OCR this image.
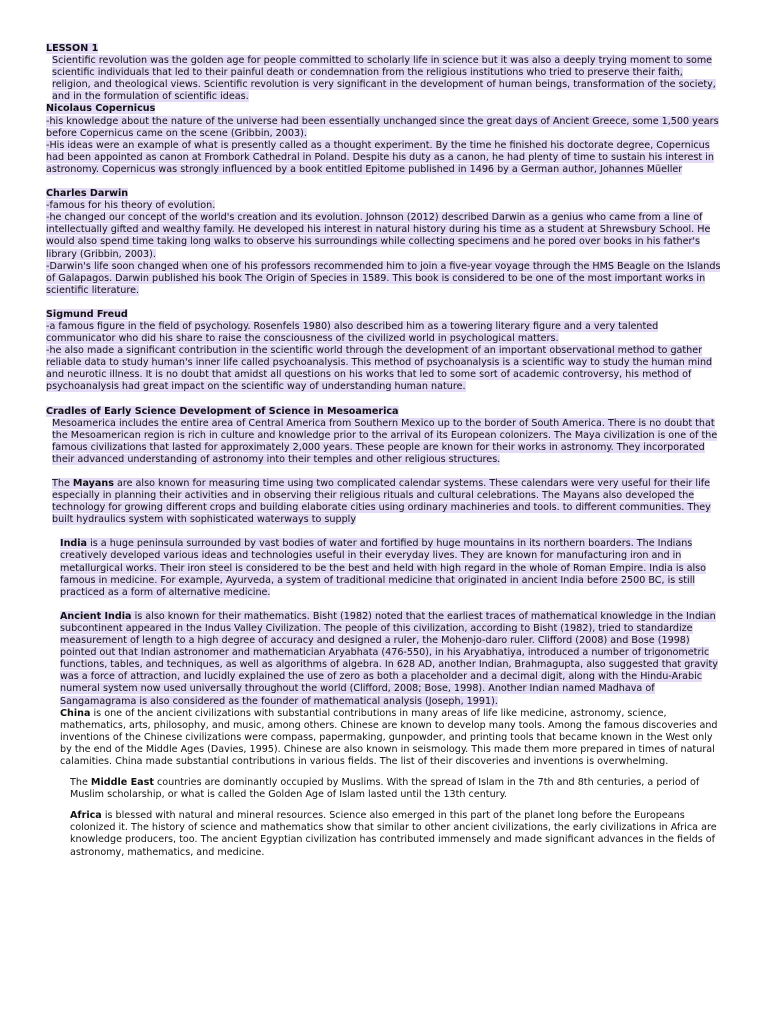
LESSON 1

Scientific revolution was the golden age for people committed to scholarly life in science but it was also a deeply trying moment to some scientific individuals that led to their painful death or condemnation from the religious institutions who tried to preserve their faith, religion, and theological views. Scientific revolution is very significant in the development of human beings, transformation of the society, and in the formulation of scientific ideas.

Nicolaus Copernicus

-his knowledge about the nature of the universe had been essentially unchanged since the great days of Ancient Greece, some 1,500 years before Copernicus came on the scene (Gribbin, 2003).

-His ideas were an example of what is presently called as a thought experiment. By the time he finished his doctorate degree, Copernicus had been appointed as canon at Frombork Cathedral in Poland. Despite his duty as a canon, he had plenty of time to sustain his interest in astronomy. Copernicus was strongly influenced by a book entitled Epitome published in 1496 by a German author, Johannes Müeller

Charles Darwin

-famous for his theory of evolution.

-he changed our concept of the world's creation and its evolution. Johnson (2012) described Darwin as a genius who came from a line of intellectually gifted and wealthy family. He developed his interest in natural history during his time as a student at Shrewsbury School. He would also spend time taking long walks to observe his surroundings while collecting specimens and he pored over books in his father's library (Gribbin, 2003).

-Darwin's life soon changed when one of his professors recommended him to join a five-year voyage through the HMS Beagle on the Islands of Galapagos. Darwin published his book The Origin of Species in 1589. This book is considered to be one of the most important works in scientific literature.

Sigmund Freud

-a famous figure in the field of psychology. Rosenfels 1980) also described him as a towering literary figure and a very talented communicator who did his share to raise the consciousness of the civilized world in psychological matters.

-he also made a significant contribution in the scientific world through the development of an important observational method to gather reliable data to study human's inner life called psychoanalysis. This method of psychoanalysis is a scientific way to study the human mind and neurotic illness. It is no doubt that amidst all questions on his works that led to some sort of academic controversy, his method of psychoanalysis had great impact on the scientific way of understanding human nature.

Cradles of Early Science Development of Science in Mesoamerica

Mesoamerica includes the entire area of Central America from Southern Mexico up to the border of South America. There is no doubt that the Mesoamerican region is rich in culture and knowledge prior to the arrival of its European colonizers. The Maya civilization is one of the famous civilizations that lasted for approximately 2,000 years. These people are known for their works in astronomy. They incorporated their advanced understanding of astronomy into their temples and other religious structures.

The Mayans are also known for measuring time using two complicated calendar systems. These calendars were very useful for their life especially in planning their activities and in observing their religious rituals and cultural celebrations. The Mayans also developed the technology for growing different crops and building elaborate cities using ordinary machineries and tools. to different communities. They built hydraulics system with sophisticated waterways to supply

India is a huge peninsula surrounded by vast bodies of water and fortified by huge mountains in its northern boarders. The Indians creatively developed various ideas and technologies useful in their everyday lives. They are known for manufacturing iron and in metallurgical works. Their iron steel is considered to be the best and held with high regard in the whole of Roman Empire. India is also famous in medicine. For example, Ayurveda, a system of traditional medicine that originated in ancient India before 2500 BC, is still practiced as a form of alternative medicine.

Ancient India is also known for their mathematics. Bisht (1982) noted that the earliest traces of mathematical knowledge in the Indian subcontinent appeared in the Indus Valley Civilization. The people of this civilization, according to Bisht (1982), tried to standardize measurement of length to a high degree of accuracy and designed a ruler, the Mohenjo-daro ruler. Clifford (2008) and Bose (1998) pointed out that Indian astronomer and mathematician Aryabhata (476-550), in his Aryabhatiya, introduced a number of trigonometric functions, tables, and techniques, as well as algorithms of algebra. In 628 AD, another Indian, Brahmagupta, also suggested that gravity was a force of attraction, and lucidly explained the use of zero as both a placeholder and a decimal digit, along with the Hindu-Arabic numeral system now used universally throughout the world (Clifford, 2008; Bose, 1998). Another Indian named Madhava of Sangamagrama is also considered as the founder of mathematical analysis (Joseph, 1991).

China is one of the ancient civilizations with substantial contributions in many areas of life like medicine, astronomy, science, mathematics, arts, philosophy, and music, among others. Chinese are known to develop many tools. Among the famous discoveries and inventions of the Chinese civilizations were compass, papermaking, gunpowder, and printing tools that became known in the West only by the end of the Middle Ages (Davies, 1995). Chinese are also known in seismology. This made them more prepared in times of natural calamities. China made substantial contributions in various fields. The list of their discoveries and inventions is overwhelming.

The Middle East countries are dominantly occupied by Muslims. With the spread of Islam in the 7th and 8th centuries, a period of Muslim scholarship, or what is called the Golden Age of Islam lasted until the 13th century.

Africa is blessed with natural and mineral resources. Science also emerged in this part of the planet long before the Europeans colonized it. The history of science and mathematics show that similar to other ancient civilizations, the early civilizations in Africa are knowledge producers, too. The ancient Egyptian civilization has contributed immensely and made significant advances in the fields of astronomy, mathematics, and medicine.
